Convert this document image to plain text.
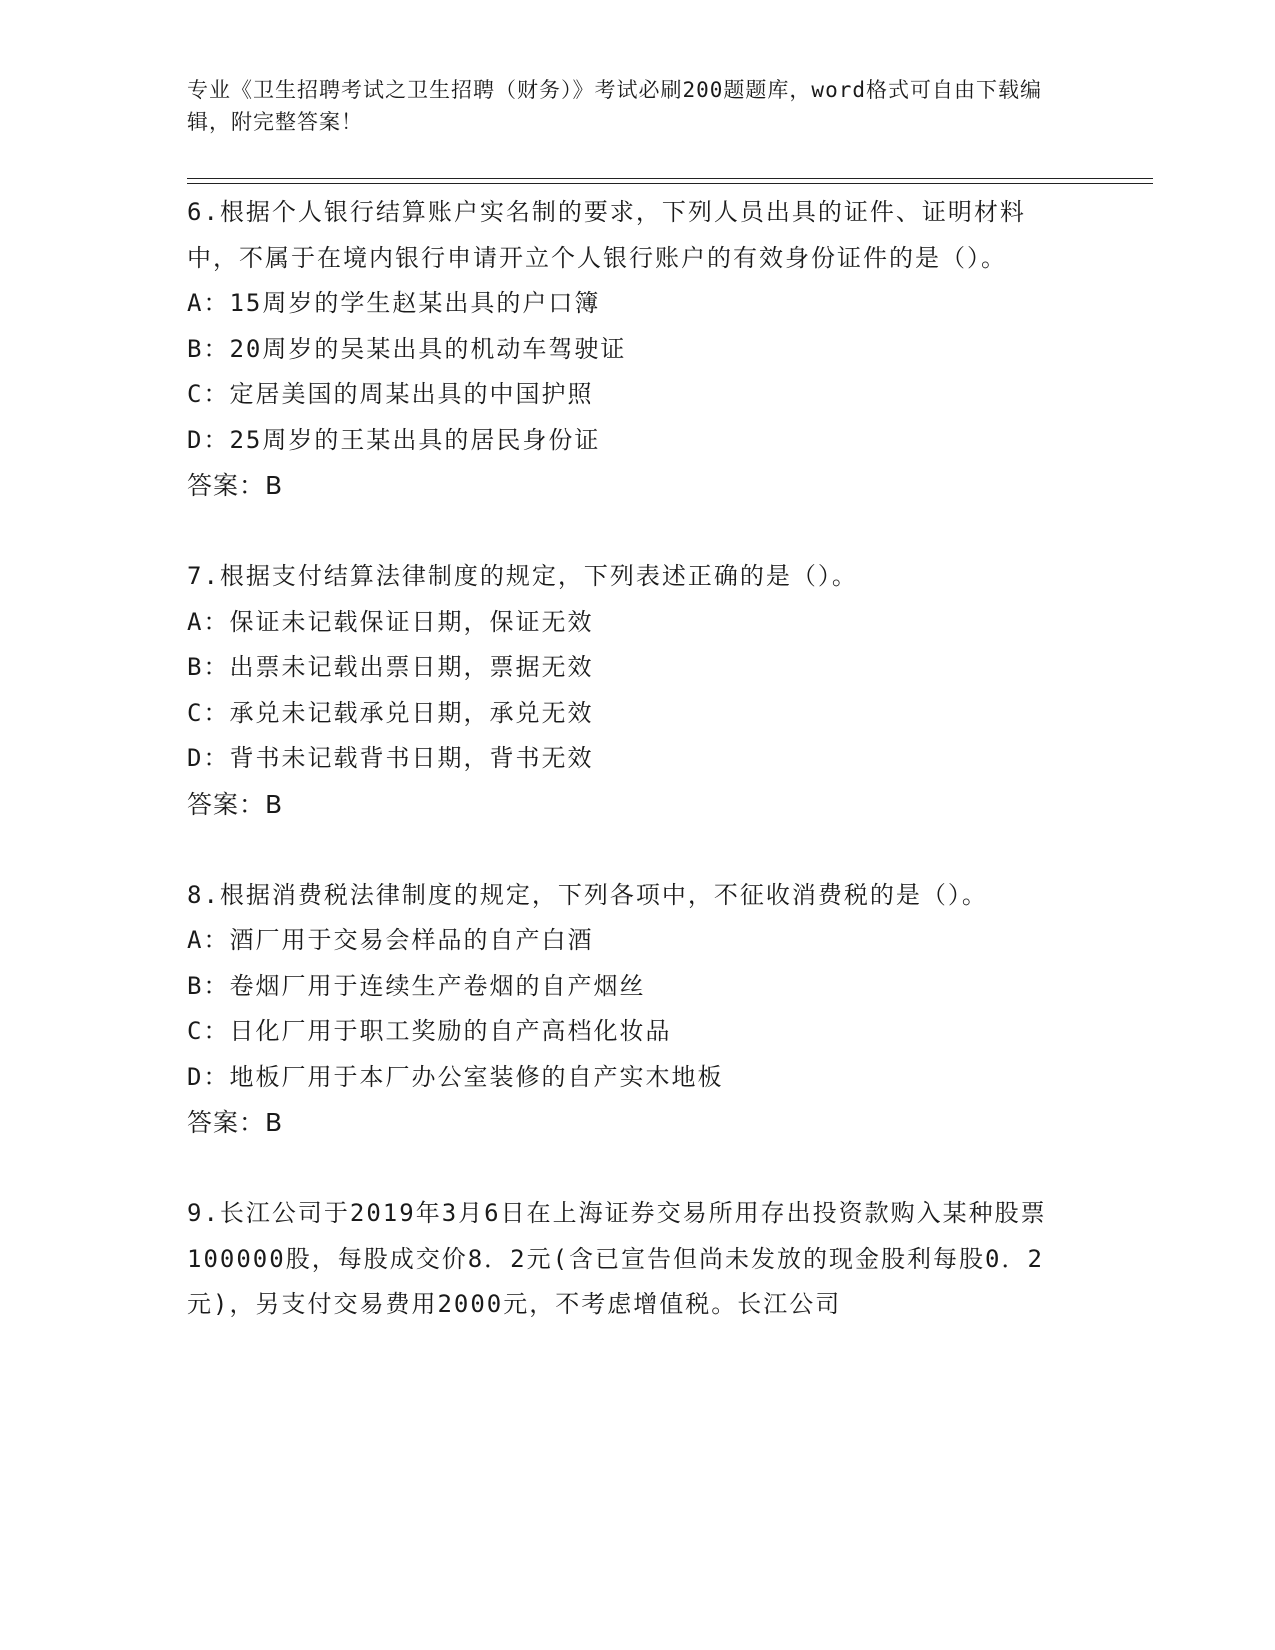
专业《卫生招聘考试之卫生招聘（财务）》考试必刷200题题库，word格式可自由下载编辑，附完整答案！
6.根据个人银行结算账户实名制的要求，下列人员出具的证件、证明材料中，不属于在境内银行申请开立个人银行账户的有效身份证件的是（）。
A：15周岁的学生赵某出具的户口簿
B：20周岁的吴某出具的机动车驾驶证
C：定居美国的周某出具的中国护照
D：25周岁的王某出具的居民身份证
答案：B
7.根据支付结算法律制度的规定，下列表述正确的是（）。
A：保证未记载保证日期，保证无效
B：出票未记载出票日期，票据无效
C：承兑未记载承兑日期，承兑无效
D：背书未记载背书日期，背书无效
答案：B
8.根据消费税法律制度的规定，下列各项中，不征收消费税的是（）。
A：酒厂用于交易会样品的自产白酒
B：卷烟厂用于连续生产卷烟的自产烟丝
C：日化厂用于职工奖励的自产高档化妆品
D：地板厂用于本厂办公室装修的自产实木地板
答案：B
9.长江公司于2019年3月6日在上海证券交易所用存出投资款购入某种股票100000股，每股成交价8．2元(含已宣告但尚未发放的现金股利每股0．2元)，另支付交易费用2000元，不考虑增值税。长江公司
